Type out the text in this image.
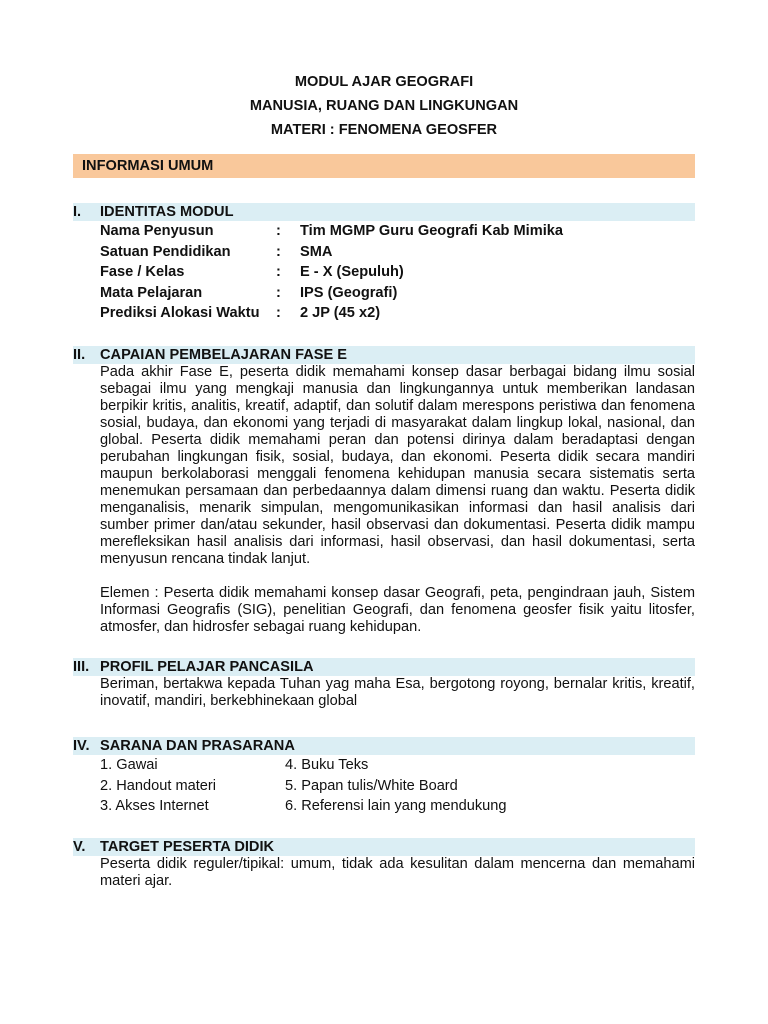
MODUL AJAR GEOGRAFI
MANUSIA, RUANG DAN LINGKUNGAN
MATERI : FENOMENA GEOSFER
INFORMASI UMUM
I. IDENTITAS MODUL
Nama Penyusun	:	Tim MGMP Guru Geografi Kab Mimika
Satuan Pendidikan	:	SMA
Fase / Kelas	:	E - X (Sepuluh)
Mata Pelajaran	:	IPS (Geografi)
Prediksi Alokasi Waktu	:	2 JP (45 x2)
II. CAPAIAN PEMBELAJARAN FASE E
Pada akhir Fase E, peserta didik memahami konsep dasar berbagai bidang ilmu sosial sebagai ilmu yang mengkaji manusia dan lingkungannya untuk memberikan landasan berpikir kritis, analitis, kreatif, adaptif, dan solutif dalam merespons peristiwa dan fenomena sosial, budaya, dan ekonomi yang terjadi di masyarakat dalam lingkup lokal, nasional, dan global. Peserta didik memahami peran dan potensi dirinya dalam beradaptasi dengan perubahan lingkungan fisik, sosial, budaya, dan ekonomi. Peserta didik secara mandiri maupun berkolaborasi menggali fenomena kehidupan manusia secara sistematis serta menemukan persamaan dan perbedaannya dalam dimensi ruang dan waktu. Peserta didik menganalisis, menarik simpulan, mengomunikasikan informasi dan hasil analisis dari sumber primer dan/atau sekunder, hasil observasi dan dokumentasi. Peserta didik mampu merefleksikan hasil analisis dari informasi, hasil observasi, dan hasil dokumentasi, serta menyusun rencana tindak lanjut.
Elemen : Peserta didik memahami konsep dasar Geografi, peta, pengindraan jauh, Sistem Informasi Geografis (SIG), penelitian Geografi, dan fenomena geosfer fisik yaitu litosfer, atmosfer, dan hidrosfer sebagai ruang kehidupan.
III. PROFIL PELAJAR PANCASILA
Beriman, bertakwa kepada Tuhan yag maha Esa, bergotong royong, bernalar kritis, kreatif, inovatif, mandiri, berkebhinekaan global
IV. SARANA DAN PRASARANA
1. Gawai	4. Buku Teks
2. Handout materi	5. Papan tulis/White Board
3. Akses Internet	6. Referensi lain yang mendukung
V. TARGET PESERTA DIDIK
Peserta didik reguler/tipikal: umum, tidak ada kesulitan dalam mencerna dan memahami materi ajar.
